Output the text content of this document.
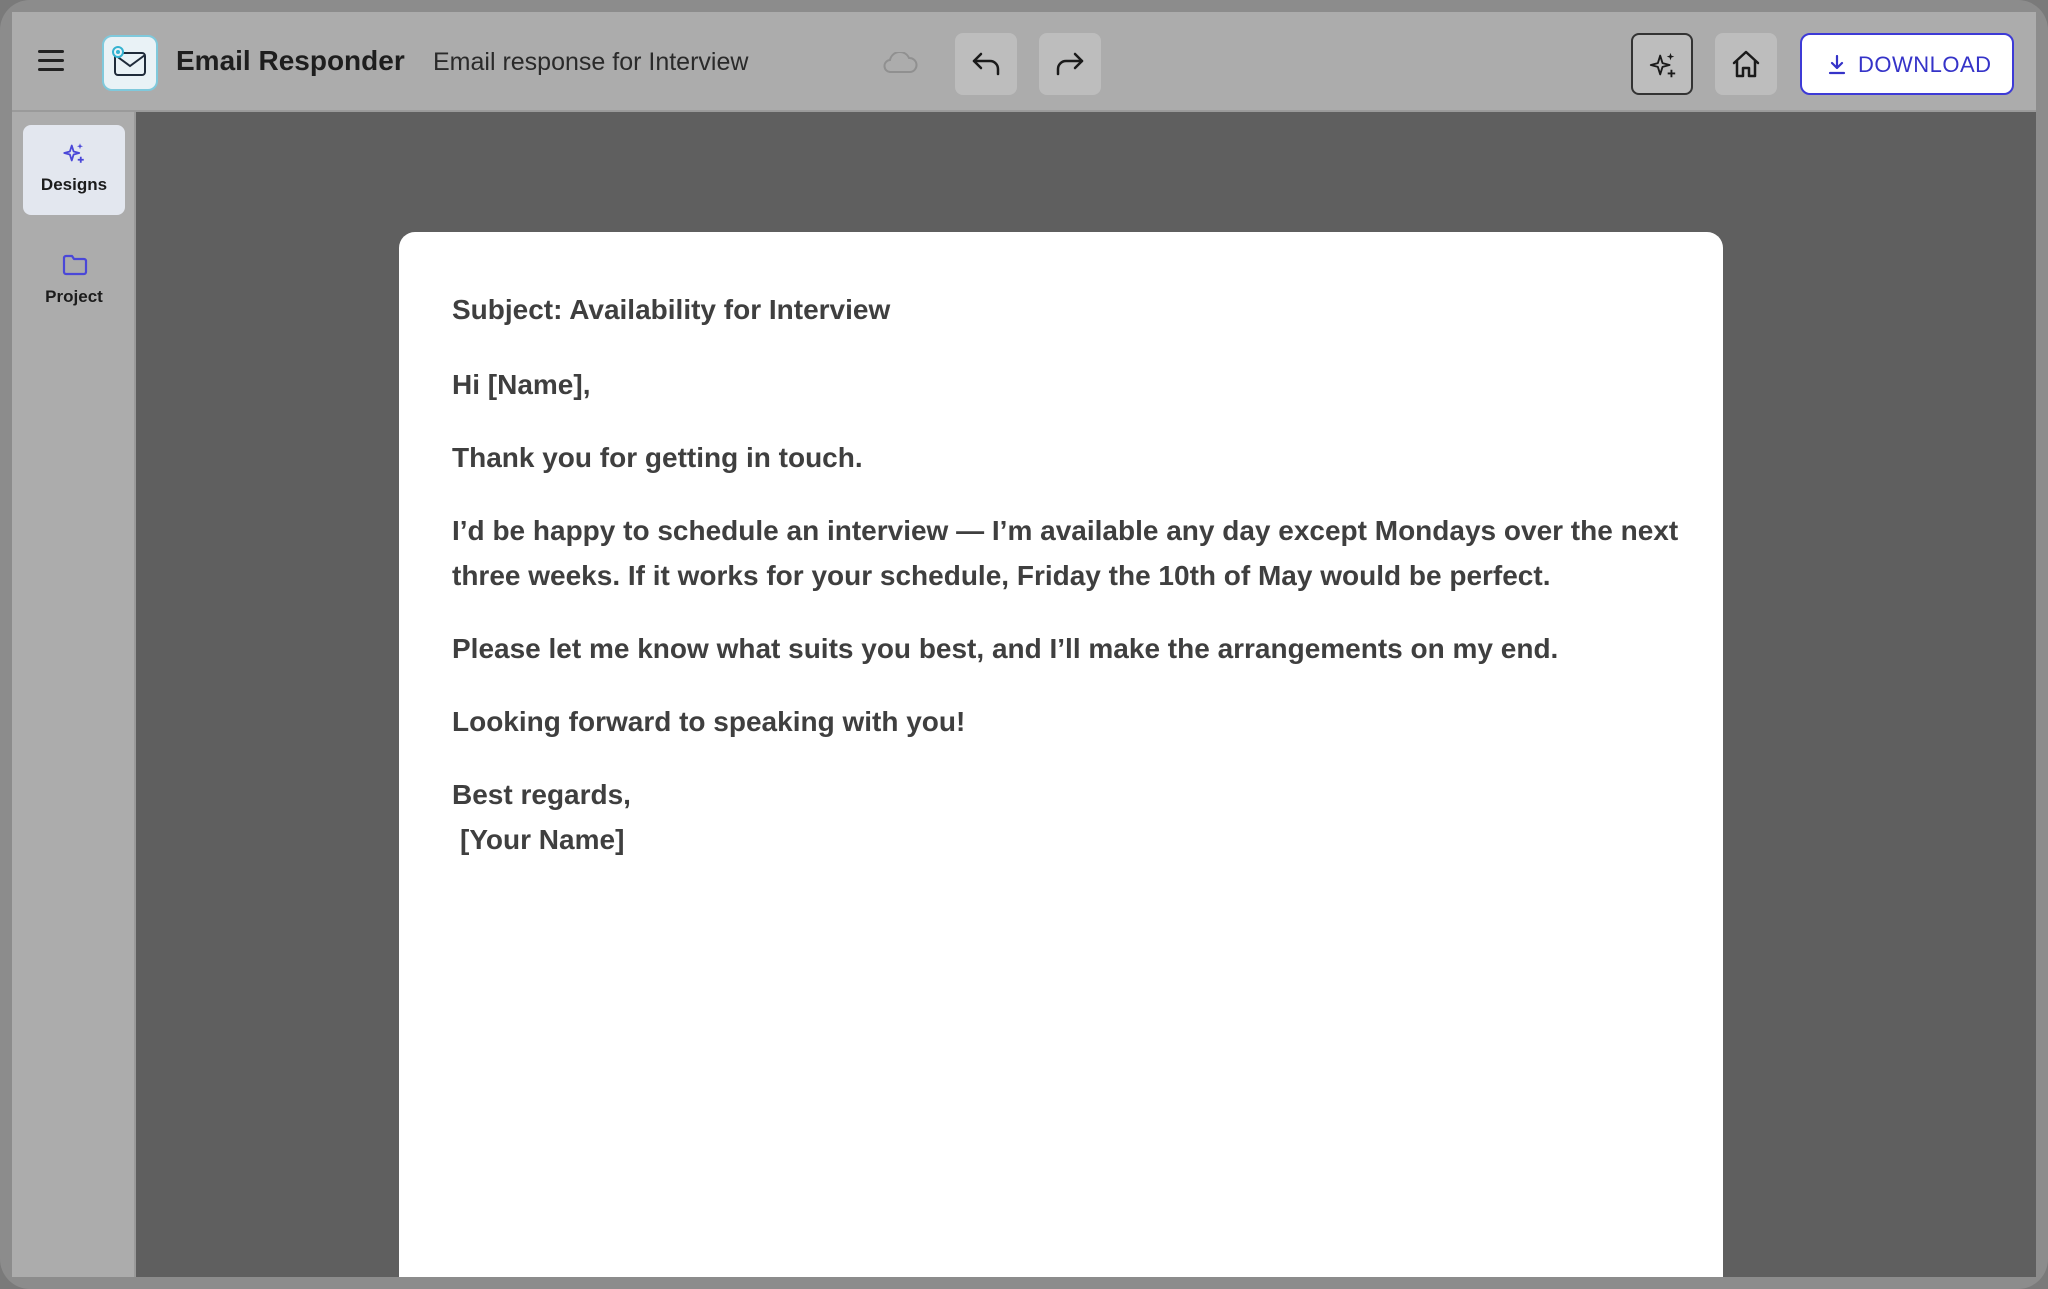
Email Responder Email response for Interview	DOWNLOAD
Designs
Project	Subject: Availability for Interview

Hi [Name],

Thank you for getting in touch.

I’d be happy to schedule an interview — I’m available any day except Mondays over the next three weeks. If it works for your schedule, Friday the 10th of May would be perfect.

Please let me know what suits you best, and I’ll make the arrangements on my end.

Looking forward to speaking with you!

Best regards,
[Your Name]
